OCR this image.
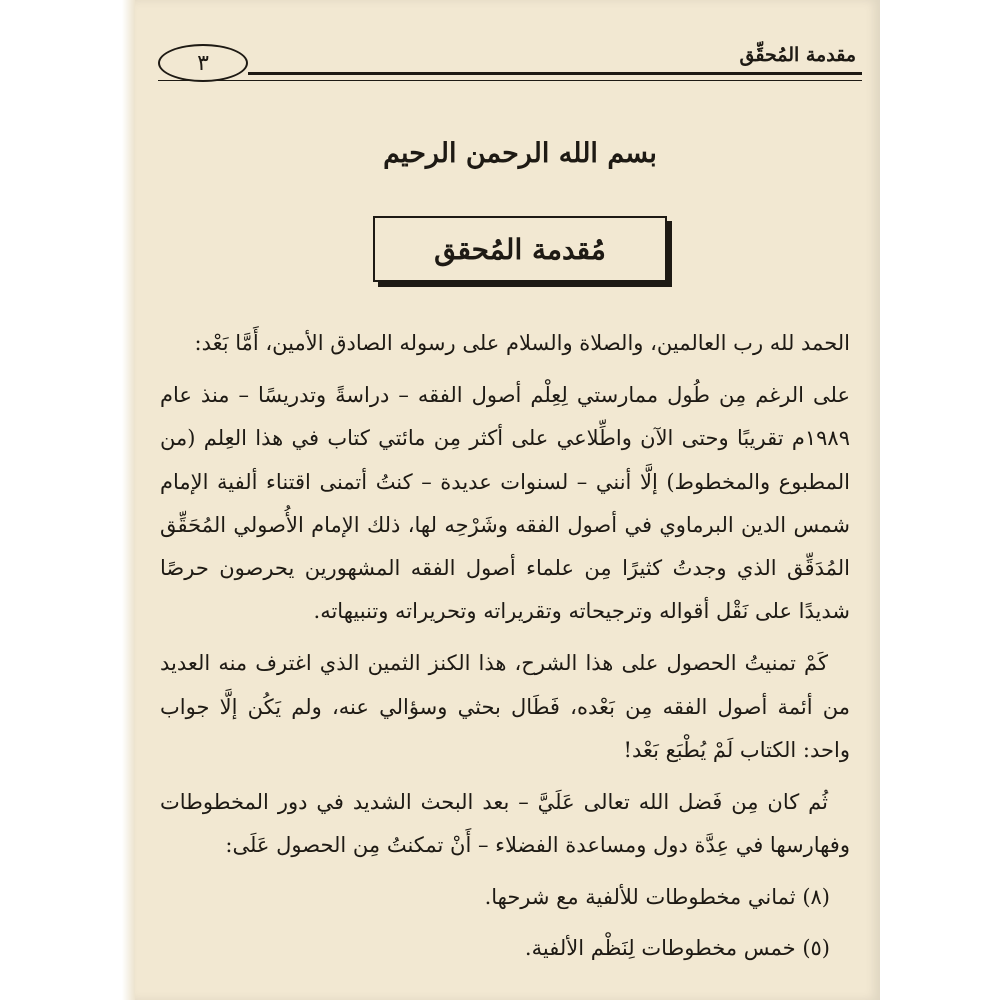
٣	مقدمة المُحقِّق
بسم الله الرحمن الرحيم
مُقدمة المُحقق

الحمد لله رب العالمين، والصلاة والسلام على رسوله الصادق الأمين، أَمَّا بَعْد:

على الرغم مِن طُول ممارستي لِعِلْم أصول الفقه – دراسةً وتدريسًا – منذ عام ١٩٨٩م تقريبًا وحتى الآن واطِّلاعي على أكثر مِن مائتي كتاب في هذا العِلم (من المطبوع والمخطوط) إلَّا أنني – لسنوات عديدة – كنتُ أتمنى اقتناء ألفية الإمام شمس الدين البرماوي في أصول الفقه وشَرْحِه لها، ذلك الإمام الأُصولي المُحَقِّق المُدَقِّق الذي وجدتُ كثيرًا مِن علماء أصول الفقه المشهورين يحرصون حرصًا شديدًا على نَقْل أقواله وترجيحاته وتقريراته وتحريراته وتنبيهاته.

كَمْ تمنيتُ الحصول على هذا الشرح، هذا الكنز الثمين الذي اغترف منه العديد من أئمة أصول الفقه مِن بَعْده، فَطَال بحثي وسؤالي عنه، ولم يَكُن إلَّا جواب واحد: الكتاب لَمْ يُطْبَع بَعْد!

ثُم كان مِن فَضل الله تعالى عَلَيَّ – بعد البحث الشديد في دور المخطوطات وفهارسها في عِدَّة دول ومساعدة الفضلاء – أَنْ تمكنتُ مِن الحصول عَلَى:

(٨) ثماني مخطوطات للألفية مع شرحها.
(٥) خمس مخطوطات لِنَظْم الألفية.
